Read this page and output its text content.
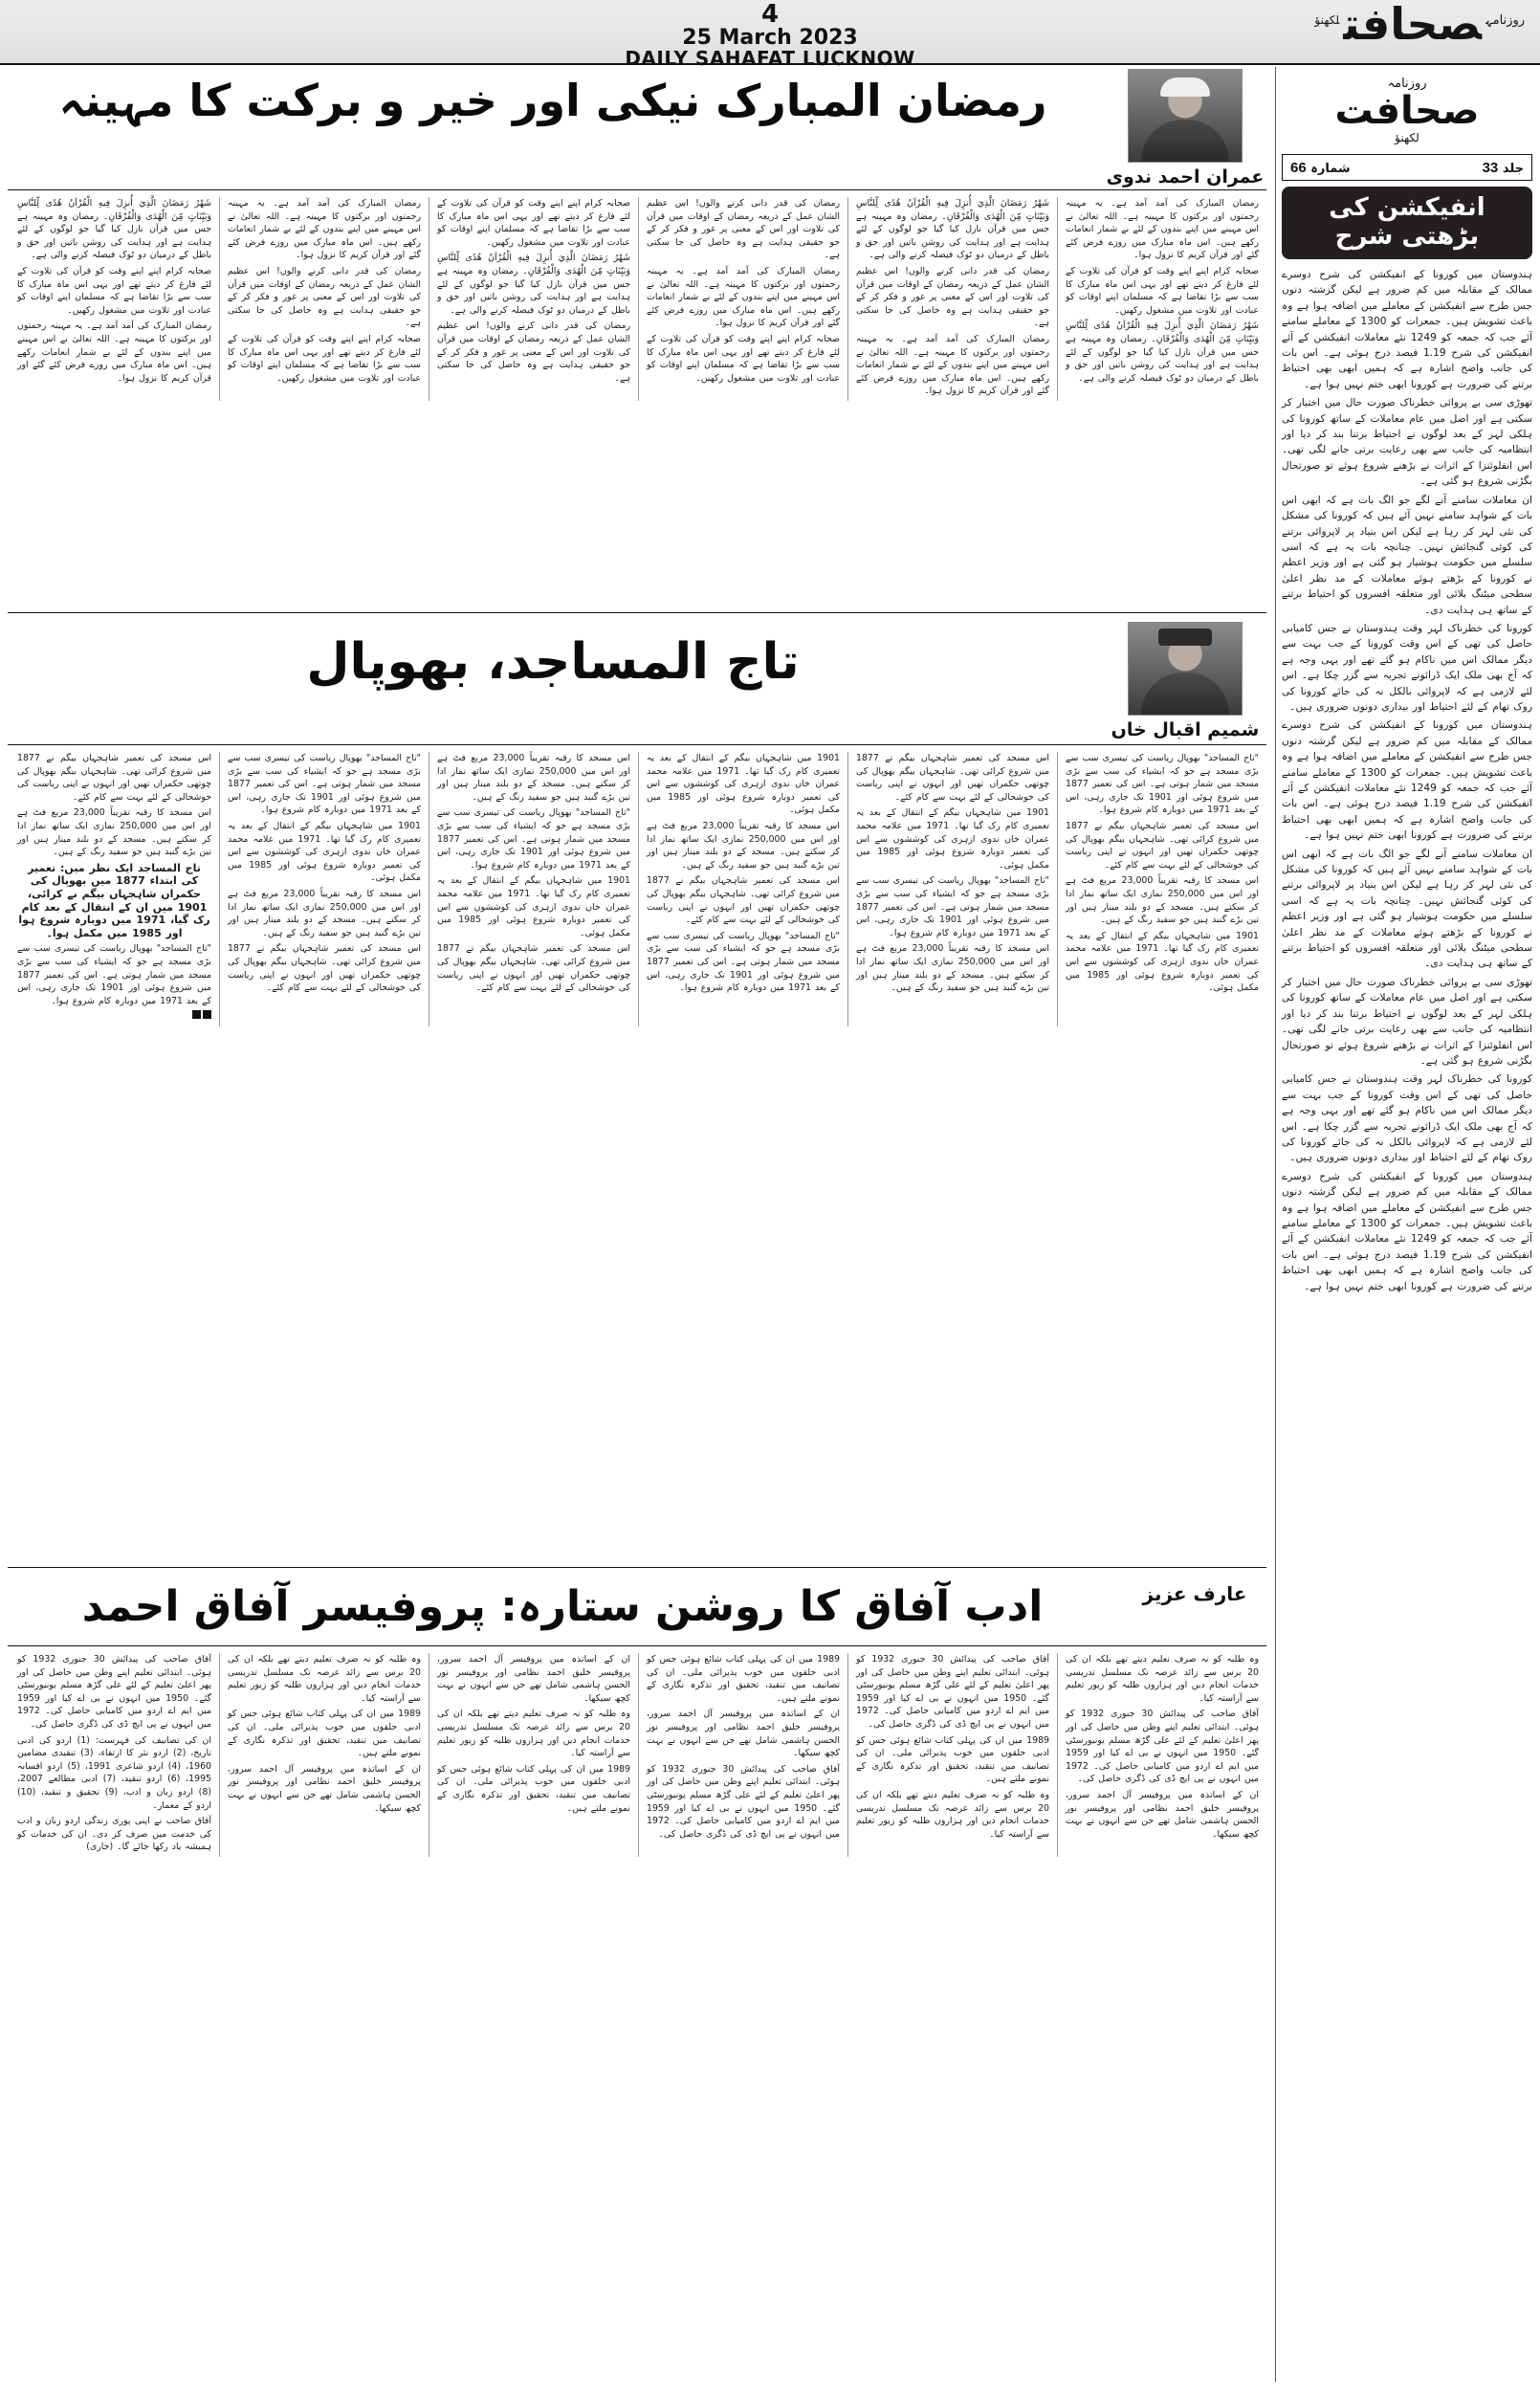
$^{روزنامہ}$صحافت$^{لکھنؤ}$
4
25 March 2023
DAILY SAHAFAT LUCKNOW
روزنامہ
صحافت
لکھنؤ
جلد 33
شمارہ 66
انفیکشن کی بڑھتی شرح

ہندوستان میں کورونا کے انفیکشن کی شرح دوسرے ممالک کے مقابلہ میں کم ضرور ہے لیکن گزشتہ دنوں جس طرح سے انفیکشن کے معاملے میں اضافہ ہوا ہے وہ باعث تشویش ہیں۔ جمعرات کو 1300 کے معاملے سامنے آئے جب کہ جمعہ کو 1249 نئے معاملات انفیکشن کے آئے انفیکشن کی شرح 1.19 فیصد درج ہوئی ہے۔ اس بات کی جانب واضح اشارہ ہے کہ ہمیں ابھی بھی احتیاط برتنے کی ضرورت ہے کورونا ابھی ختم نہیں ہوا ہے۔

تھوڑی سی بے پروائی خطرناک صورت حال میں اختیار کر سکتی ہے اور اصل میں عام معاملات کے ساتھ کورونا کی ہلکی لہر کے بعد لوگوں نے احتیاط برتنا بند کر دیا اور انتظامیہ کی جانب سے بھی رعایت برتی جانے لگی تھی۔ اس انفلوئنزا کے اثرات نے بڑھنے شروع ہوئے تو صورتحال بگڑنی شروع ہو گئی ہے۔

ان معاملات سامنے آنے لگے جو الگ بات ہے کہ ابھی اس بات کے شواہد سامنے نہیں آئے ہیں کہ کورونا کی مشکل کی نئی لہر کر رہا ہے لیکن اس بنیاد پر لاپروائی برتنے کی کوئی گنجائش نہیں۔ چنانچہ بات یہ ہے کہ اسی سلسلے میں حکومت ہوشیار ہو گئی ہے اور وزیر اعظم نے کورونا کے بڑھتے ہوئے معاملات کے مد نظر اعلیٰ سطحی میٹنگ بلائی اور متعلقہ افسروں کو احتیاط برتنے کے ساتھ ہی ہدایت دی۔

کورونا کی خطرناک لہر وقت ہندوستان نے جس کامیابی حاصل کی تھی کے اس وقت کورونا کے جب بہت سے دیگر ممالک اس میں ناکام ہو گئے تھے اور یہی وجہ ہے کہ آج بھی ملک ایک ڈرائونے تجربہ سے گزر چکا ہے۔ اس لئے لازمی ہے کہ لاپروائی بالکل نہ کی جائے کورونا کی روک تھام کے لئے احتیاط اور بیداری دونوں ضروری ہیں۔

ہندوستان میں کورونا کے انفیکشن کی شرح دوسرے ممالک کے مقابلہ میں کم ضرور ہے لیکن گزشتہ دنوں جس طرح سے انفیکشن کے معاملے میں اضافہ ہوا ہے وہ باعث تشویش ہیں۔ جمعرات کو 1300 کے معاملے سامنے آئے جب کہ جمعہ کو 1249 نئے معاملات انفیکشن کے آئے انفیکشن کی شرح 1.19 فیصد درج ہوئی ہے۔ اس بات کی جانب واضح اشارہ ہے کہ ہمیں ابھی بھی احتیاط برتنے کی ضرورت ہے کورونا ابھی ختم نہیں ہوا ہے۔

ان معاملات سامنے آنے لگے جو الگ بات ہے کہ ابھی اس بات کے شواہد سامنے نہیں آئے ہیں کہ کورونا کی مشکل کی نئی لہر کر رہا ہے لیکن اس بنیاد پر لاپروائی برتنے کی کوئی گنجائش نہیں۔ چنانچہ بات یہ ہے کہ اسی سلسلے میں حکومت ہوشیار ہو گئی ہے اور وزیر اعظم نے کورونا کے بڑھتے ہوئے معاملات کے مد نظر اعلیٰ سطحی میٹنگ بلائی اور متعلقہ افسروں کو احتیاط برتنے کے ساتھ ہی ہدایت دی۔

تھوڑی سی بے پروائی خطرناک صورت حال میں اختیار کر سکتی ہے اور اصل میں عام معاملات کے ساتھ کورونا کی ہلکی لہر کے بعد لوگوں نے احتیاط برتنا بند کر دیا اور انتظامیہ کی جانب سے بھی رعایت برتی جانے لگی تھی۔ اس انفلوئنزا کے اثرات نے بڑھنے شروع ہوئے تو صورتحال بگڑنی شروع ہو گئی ہے۔

کورونا کی خطرناک لہر وقت ہندوستان نے جس کامیابی حاصل کی تھی کے اس وقت کورونا کے جب بہت سے دیگر ممالک اس میں ناکام ہو گئے تھے اور یہی وجہ ہے کہ آج بھی ملک ایک ڈرائونے تجربہ سے گزر چکا ہے۔ اس لئے لازمی ہے کہ لاپروائی بالکل نہ کی جائے کورونا کی روک تھام کے لئے احتیاط اور بیداری دونوں ضروری ہیں۔

ہندوستان میں کورونا کے انفیکشن کی شرح دوسرے ممالک کے مقابلہ میں کم ضرور ہے لیکن گزشتہ دنوں جس طرح سے انفیکشن کے معاملے میں اضافہ ہوا ہے وہ باعث تشویش ہیں۔ جمعرات کو 1300 کے معاملے سامنے آئے جب کہ جمعہ کو 1249 نئے معاملات انفیکشن کے آئے انفیکشن کی شرح 1.19 فیصد درج ہوئی ہے۔ اس بات کی جانب واضح اشارہ ہے کہ ہمیں ابھی بھی احتیاط برتنے کی ضرورت ہے کورونا ابھی ختم نہیں ہوا ہے۔

عمران احمد ندوی
رمضان المبارک نیکی اور خیر و برکت کا مہینہ

رمضان المبارک کی آمد آمد ہے۔ یہ مہینہ رحمتوں اور برکتوں کا مہینہ ہے۔ اللہ تعالیٰ نے اس مہینے میں اپنے بندوں کے لئے بے شمار انعامات رکھے ہیں۔ اس ماہ مبارک میں روزے فرض کئے گئے اور قرآن کریم کا نزول ہوا۔

صحابہ کرام اپنے اپنے وقت کو قرآن کی تلاوت کے لئے فارغ کر دیتے تھے اور یہی اس ماہ مبارک کا سب سے بڑا تقاضا ہے کہ مسلمان اپنے اوقات کو عبادت اور تلاوت میں مشغول رکھیں۔

شَهْرُ رَمَضَانَ الَّذِيَ أُنزِلَ فِيهِ الْقُرْآنُ هُدًى لِّلنَّاسِ وَبَيِّنَاتٍ مِّنَ الْهُدَى وَالْفُرْقَانِ۔ رمضان وہ مہینہ ہے جس میں قرآن نازل کیا گیا جو لوگوں کے لئے ہدایت ہے اور ہدایت کی روشن باتیں اور حق و باطل کے درمیان دو ٹوک فیصلہ کرنے والی ہے۔

شَهْرُ رَمَضَانَ الَّذِيَ أُنزِلَ فِيهِ الْقُرْآنُ هُدًى لِّلنَّاسِ وَبَيِّنَاتٍ مِّنَ الْهُدَى وَالْفُرْقَانِ۔ رمضان وہ مہینہ ہے جس میں قرآن نازل کیا گیا جو لوگوں کے لئے ہدایت ہے اور ہدایت کی روشن باتیں اور حق و باطل کے درمیان دو ٹوک فیصلہ کرنے والی ہے۔

رمضان کی قدر دانی کرنے والوں! اس عظیم الشان عمل کے ذریعہ رمضان کے اوقات میں قرآن کی تلاوت اور اس کے معنی پر غور و فکر کر کے جو حقیقی ہدایت ہے وہ حاصل کی جا سکتی ہے۔

رمضان المبارک کی آمد آمد ہے۔ یہ مہینہ رحمتوں اور برکتوں کا مہینہ ہے۔ اللہ تعالیٰ نے اس مہینے میں اپنے بندوں کے لئے بے شمار انعامات رکھے ہیں۔ اس ماہ مبارک میں روزے فرض کئے گئے اور قرآن کریم کا نزول ہوا۔

رمضان کی قدر دانی کرنے والوں! اس عظیم الشان عمل کے ذریعہ رمضان کے اوقات میں قرآن کی تلاوت اور اس کے معنی پر غور و فکر کر کے جو حقیقی ہدایت ہے وہ حاصل کی جا سکتی ہے۔

رمضان المبارک کی آمد آمد ہے۔ یہ مہینہ رحمتوں اور برکتوں کا مہینہ ہے۔ اللہ تعالیٰ نے اس مہینے میں اپنے بندوں کے لئے بے شمار انعامات رکھے ہیں۔ اس ماہ مبارک میں روزے فرض کئے گئے اور قرآن کریم کا نزول ہوا۔

صحابہ کرام اپنے اپنے وقت کو قرآن کی تلاوت کے لئے فارغ کر دیتے تھے اور یہی اس ماہ مبارک کا سب سے بڑا تقاضا ہے کہ مسلمان اپنے اوقات کو عبادت اور تلاوت میں مشغول رکھیں۔

صحابہ کرام اپنے اپنے وقت کو قرآن کی تلاوت کے لئے فارغ کر دیتے تھے اور یہی اس ماہ مبارک کا سب سے بڑا تقاضا ہے کہ مسلمان اپنے اوقات کو عبادت اور تلاوت میں مشغول رکھیں۔

شَهْرُ رَمَضَانَ الَّذِيَ أُنزِلَ فِيهِ الْقُرْآنُ هُدًى لِّلنَّاسِ وَبَيِّنَاتٍ مِّنَ الْهُدَى وَالْفُرْقَانِ۔ رمضان وہ مہینہ ہے جس میں قرآن نازل کیا گیا جو لوگوں کے لئے ہدایت ہے اور ہدایت کی روشن باتیں اور حق و باطل کے درمیان دو ٹوک فیصلہ کرنے والی ہے۔

رمضان کی قدر دانی کرنے والوں! اس عظیم الشان عمل کے ذریعہ رمضان کے اوقات میں قرآن کی تلاوت اور اس کے معنی پر غور و فکر کر کے جو حقیقی ہدایت ہے وہ حاصل کی جا سکتی ہے۔

رمضان المبارک کی آمد آمد ہے۔ یہ مہینہ رحمتوں اور برکتوں کا مہینہ ہے۔ اللہ تعالیٰ نے اس مہینے میں اپنے بندوں کے لئے بے شمار انعامات رکھے ہیں۔ اس ماہ مبارک میں روزے فرض کئے گئے اور قرآن کریم کا نزول ہوا۔

رمضان کی قدر دانی کرنے والوں! اس عظیم الشان عمل کے ذریعہ رمضان کے اوقات میں قرآن کی تلاوت اور اس کے معنی پر غور و فکر کر کے جو حقیقی ہدایت ہے وہ حاصل کی جا سکتی ہے۔

صحابہ کرام اپنے اپنے وقت کو قرآن کی تلاوت کے لئے فارغ کر دیتے تھے اور یہی اس ماہ مبارک کا سب سے بڑا تقاضا ہے کہ مسلمان اپنے اوقات کو عبادت اور تلاوت میں مشغول رکھیں۔

شَهْرُ رَمَضَانَ الَّذِيَ أُنزِلَ فِيهِ الْقُرْآنُ هُدًى لِّلنَّاسِ وَبَيِّنَاتٍ مِّنَ الْهُدَى وَالْفُرْقَانِ۔ رمضان وہ مہینہ ہے جس میں قرآن نازل کیا گیا جو لوگوں کے لئے ہدایت ہے اور ہدایت کی روشن باتیں اور حق و باطل کے درمیان دو ٹوک فیصلہ کرنے والی ہے۔

صحابہ کرام اپنے اپنے وقت کو قرآن کی تلاوت کے لئے فارغ کر دیتے تھے اور یہی اس ماہ مبارک کا سب سے بڑا تقاضا ہے کہ مسلمان اپنے اوقات کو عبادت اور تلاوت میں مشغول رکھیں۔

رمضان المبارک کی آمد آمد ہے۔ یہ مہینہ رحمتوں اور برکتوں کا مہینہ ہے۔ اللہ تعالیٰ نے اس مہینے میں اپنے بندوں کے لئے بے شمار انعامات رکھے ہیں۔ اس ماہ مبارک میں روزے فرض کئے گئے اور قرآن کریم کا نزول ہوا۔

شمیم اقبال خاں
تاج المساجد، بھوپال

"تاج المساجد" بھوپال ریاست کی تیسری سب سے بڑی مسجد ہے جو کہ ایشیاء کی سب سے بڑی مسجد میں شمار ہوتی ہے۔ اس کی تعمیر 1877 میں شروع ہوئی اور 1901 تک جاری رہی، اس کے بعد 1971 میں دوبارہ کام شروع ہوا۔

اس مسجد کی تعمیر شاہجہاں بیگم نے 1877 میں شروع کرائی تھی۔ شاہجہاں بیگم بھوپال کی چوتھی حکمراں تھیں اور انہوں نے اپنی ریاست کی خوشحالی کے لئے بہت سے کام کئے۔

اس مسجد کا رقبہ تقریباً 23,000 مربع فٹ ہے اور اس میں 250,000 نمازی ایک ساتھ نماز ادا کر سکتے ہیں۔ مسجد کے دو بلند مینار ہیں اور تین بڑے گنبد ہیں جو سفید رنگ کے ہیں۔

1901 میں شاہجہاں بیگم کے انتقال کے بعد یہ تعمیری کام رک گیا تھا۔ 1971 میں علامہ محمد عمران خاں ندوی ازہری کی کوششوں سے اس کی تعمیر دوبارہ شروع ہوئی اور 1985 میں مکمل ہوئی۔

اس مسجد کی تعمیر شاہجہاں بیگم نے 1877 میں شروع کرائی تھی۔ شاہجہاں بیگم بھوپال کی چوتھی حکمراں تھیں اور انہوں نے اپنی ریاست کی خوشحالی کے لئے بہت سے کام کئے۔

1901 میں شاہجہاں بیگم کے انتقال کے بعد یہ تعمیری کام رک گیا تھا۔ 1971 میں علامہ محمد عمران خاں ندوی ازہری کی کوششوں سے اس کی تعمیر دوبارہ شروع ہوئی اور 1985 میں مکمل ہوئی۔

"تاج المساجد" بھوپال ریاست کی تیسری سب سے بڑی مسجد ہے جو کہ ایشیاء کی سب سے بڑی مسجد میں شمار ہوتی ہے۔ اس کی تعمیر 1877 میں شروع ہوئی اور 1901 تک جاری رہی، اس کے بعد 1971 میں دوبارہ کام شروع ہوا۔

اس مسجد کا رقبہ تقریباً 23,000 مربع فٹ ہے اور اس میں 250,000 نمازی ایک ساتھ نماز ادا کر سکتے ہیں۔ مسجد کے دو بلند مینار ہیں اور تین بڑے گنبد ہیں جو سفید رنگ کے ہیں۔

1901 میں شاہجہاں بیگم کے انتقال کے بعد یہ تعمیری کام رک گیا تھا۔ 1971 میں علامہ محمد عمران خاں ندوی ازہری کی کوششوں سے اس کی تعمیر دوبارہ شروع ہوئی اور 1985 میں مکمل ہوئی۔

اس مسجد کا رقبہ تقریباً 23,000 مربع فٹ ہے اور اس میں 250,000 نمازی ایک ساتھ نماز ادا کر سکتے ہیں۔ مسجد کے دو بلند مینار ہیں اور تین بڑے گنبد ہیں جو سفید رنگ کے ہیں۔

اس مسجد کی تعمیر شاہجہاں بیگم نے 1877 میں شروع کرائی تھی۔ شاہجہاں بیگم بھوپال کی چوتھی حکمراں تھیں اور انہوں نے اپنی ریاست کی خوشحالی کے لئے بہت سے کام کئے۔

"تاج المساجد" بھوپال ریاست کی تیسری سب سے بڑی مسجد ہے جو کہ ایشیاء کی سب سے بڑی مسجد میں شمار ہوتی ہے۔ اس کی تعمیر 1877 میں شروع ہوئی اور 1901 تک جاری رہی، اس کے بعد 1971 میں دوبارہ کام شروع ہوا۔

اس مسجد کا رقبہ تقریباً 23,000 مربع فٹ ہے اور اس میں 250,000 نمازی ایک ساتھ نماز ادا کر سکتے ہیں۔ مسجد کے دو بلند مینار ہیں اور تین بڑے گنبد ہیں جو سفید رنگ کے ہیں۔

"تاج المساجد" بھوپال ریاست کی تیسری سب سے بڑی مسجد ہے جو کہ ایشیاء کی سب سے بڑی مسجد میں شمار ہوتی ہے۔ اس کی تعمیر 1877 میں شروع ہوئی اور 1901 تک جاری رہی، اس کے بعد 1971 میں دوبارہ کام شروع ہوا۔

1901 میں شاہجہاں بیگم کے انتقال کے بعد یہ تعمیری کام رک گیا تھا۔ 1971 میں علامہ محمد عمران خاں ندوی ازہری کی کوششوں سے اس کی تعمیر دوبارہ شروع ہوئی اور 1985 میں مکمل ہوئی۔

اس مسجد کی تعمیر شاہجہاں بیگم نے 1877 میں شروع کرائی تھی۔ شاہجہاں بیگم بھوپال کی چوتھی حکمراں تھیں اور انہوں نے اپنی ریاست کی خوشحالی کے لئے بہت سے کام کئے۔

"تاج المساجد" بھوپال ریاست کی تیسری سب سے بڑی مسجد ہے جو کہ ایشیاء کی سب سے بڑی مسجد میں شمار ہوتی ہے۔ اس کی تعمیر 1877 میں شروع ہوئی اور 1901 تک جاری رہی، اس کے بعد 1971 میں دوبارہ کام شروع ہوا۔

1901 میں شاہجہاں بیگم کے انتقال کے بعد یہ تعمیری کام رک گیا تھا۔ 1971 میں علامہ محمد عمران خاں ندوی ازہری کی کوششوں سے اس کی تعمیر دوبارہ شروع ہوئی اور 1985 میں مکمل ہوئی۔

اس مسجد کا رقبہ تقریباً 23,000 مربع فٹ ہے اور اس میں 250,000 نمازی ایک ساتھ نماز ادا کر سکتے ہیں۔ مسجد کے دو بلند مینار ہیں اور تین بڑے گنبد ہیں جو سفید رنگ کے ہیں۔

اس مسجد کی تعمیر شاہجہاں بیگم نے 1877 میں شروع کرائی تھی۔ شاہجہاں بیگم بھوپال کی چوتھی حکمراں تھیں اور انہوں نے اپنی ریاست کی خوشحالی کے لئے بہت سے کام کئے۔

اس مسجد کی تعمیر شاہجہاں بیگم نے 1877 میں شروع کرائی تھی۔ شاہجہاں بیگم بھوپال کی چوتھی حکمراں تھیں اور انہوں نے اپنی ریاست کی خوشحالی کے لئے بہت سے کام کئے۔

اس مسجد کا رقبہ تقریباً 23,000 مربع فٹ ہے اور اس میں 250,000 نمازی ایک ساتھ نماز ادا کر سکتے ہیں۔ مسجد کے دو بلند مینار ہیں اور تین بڑے گنبد ہیں جو سفید رنگ کے ہیں۔

تاج المساجد ایک نظر میں: تعمیر کی ابتداء 1877 میں بھوپال کی حکمراں شاہجہاں بیگم نے کرائی، 1901 میں ان کے انتقال کے بعد کام رک گیا، 1971 میں دوبارہ شروع ہوا اور 1985 میں مکمل ہوا۔

"تاج المساجد" بھوپال ریاست کی تیسری سب سے بڑی مسجد ہے جو کہ ایشیاء کی سب سے بڑی مسجد میں شمار ہوتی ہے۔ اس کی تعمیر 1877 میں شروع ہوئی اور 1901 تک جاری رہی، اس کے بعد 1971 میں دوبارہ کام شروع ہوا۔

عارف عزیز
ادب آفاق کا روشن ستارہ: پروفیسر آفاق احمد

وہ طلبہ کو نہ صرف تعلیم دیتے تھے بلکہ ان کی 20 برس سے زائد عرصہ تک مسلسل تدریسی خدمات انجام دیں اور ہزاروں طلبہ کو زیور تعلیم سے آراستہ کیا۔

آفاق صاحب کی پیدائش 30 جنوری 1932 کو ہوئی۔ ابتدائی تعلیم اپنے وطن میں حاصل کی اور پھر اعلیٰ تعلیم کے لئے علی گڑھ مسلم یونیورسٹی گئے۔ 1950 میں انہوں نے بی اے کیا اور 1959 میں ایم اے اردو میں کامیابی حاصل کی۔ 1972 میں انہوں نے پی ایچ ڈی کی ڈگری حاصل کی۔

ان کے اساتذہ میں پروفیسر آل احمد سرور، پروفیسر خلیق احمد نظامی اور پروفیسر نور الحسن ہاشمی شامل تھے جن سے انہوں نے بہت کچھ سیکھا۔

آفاق صاحب کی پیدائش 30 جنوری 1932 کو ہوئی۔ ابتدائی تعلیم اپنے وطن میں حاصل کی اور پھر اعلیٰ تعلیم کے لئے علی گڑھ مسلم یونیورسٹی گئے۔ 1950 میں انہوں نے بی اے کیا اور 1959 میں ایم اے اردو میں کامیابی حاصل کی۔ 1972 میں انہوں نے پی ایچ ڈی کی ڈگری حاصل کی۔

1989 میں ان کی پہلی کتاب شائع ہوئی جس کو ادبی حلقوں میں خوب پذیرائی ملی۔ ان کی تصانیف میں تنقید، تحقیق اور تذکرہ نگاری کے نمونے ملتے ہیں۔

وہ طلبہ کو نہ صرف تعلیم دیتے تھے بلکہ ان کی 20 برس سے زائد عرصہ تک مسلسل تدریسی خدمات انجام دیں اور ہزاروں طلبہ کو زیور تعلیم سے آراستہ کیا۔

1989 میں ان کی پہلی کتاب شائع ہوئی جس کو ادبی حلقوں میں خوب پذیرائی ملی۔ ان کی تصانیف میں تنقید، تحقیق اور تذکرہ نگاری کے نمونے ملتے ہیں۔

ان کے اساتذہ میں پروفیسر آل احمد سرور، پروفیسر خلیق احمد نظامی اور پروفیسر نور الحسن ہاشمی شامل تھے جن سے انہوں نے بہت کچھ سیکھا۔

آفاق صاحب کی پیدائش 30 جنوری 1932 کو ہوئی۔ ابتدائی تعلیم اپنے وطن میں حاصل کی اور پھر اعلیٰ تعلیم کے لئے علی گڑھ مسلم یونیورسٹی گئے۔ 1950 میں انہوں نے بی اے کیا اور 1959 میں ایم اے اردو میں کامیابی حاصل کی۔ 1972 میں انہوں نے پی ایچ ڈی کی ڈگری حاصل کی۔

ان کے اساتذہ میں پروفیسر آل احمد سرور، پروفیسر خلیق احمد نظامی اور پروفیسر نور الحسن ہاشمی شامل تھے جن سے انہوں نے بہت کچھ سیکھا۔

وہ طلبہ کو نہ صرف تعلیم دیتے تھے بلکہ ان کی 20 برس سے زائد عرصہ تک مسلسل تدریسی خدمات انجام دیں اور ہزاروں طلبہ کو زیور تعلیم سے آراستہ کیا۔

1989 میں ان کی پہلی کتاب شائع ہوئی جس کو ادبی حلقوں میں خوب پذیرائی ملی۔ ان کی تصانیف میں تنقید، تحقیق اور تذکرہ نگاری کے نمونے ملتے ہیں۔

وہ طلبہ کو نہ صرف تعلیم دیتے تھے بلکہ ان کی 20 برس سے زائد عرصہ تک مسلسل تدریسی خدمات انجام دیں اور ہزاروں طلبہ کو زیور تعلیم سے آراستہ کیا۔

1989 میں ان کی پہلی کتاب شائع ہوئی جس کو ادبی حلقوں میں خوب پذیرائی ملی۔ ان کی تصانیف میں تنقید، تحقیق اور تذکرہ نگاری کے نمونے ملتے ہیں۔

ان کے اساتذہ میں پروفیسر آل احمد سرور، پروفیسر خلیق احمد نظامی اور پروفیسر نور الحسن ہاشمی شامل تھے جن سے انہوں نے بہت کچھ سیکھا۔

آفاق صاحب کی پیدائش 30 جنوری 1932 کو ہوئی۔ ابتدائی تعلیم اپنے وطن میں حاصل کی اور پھر اعلیٰ تعلیم کے لئے علی گڑھ مسلم یونیورسٹی گئے۔ 1950 میں انہوں نے بی اے کیا اور 1959 میں ایم اے اردو میں کامیابی حاصل کی۔ 1972 میں انہوں نے پی ایچ ڈی کی ڈگری حاصل کی۔

ان کی تصانیف کی فہرست: (1) اردو کی ادبی تاریخ، (2) اردو نثر کا ارتقاء، (3) تنقیدی مضامین 1960، (4) اردو شاعری 1991، (5) اردو افسانہ 1995، (6) اردو تنقید، (7) ادبی مطالعے 2007، (8) اردو زبان و ادب، (9) تحقیق و تنقید، (10) اردو کے معمار۔

آفاق صاحب نے اپنی پوری زندگی اردو زبان و ادب کی خدمت میں صرف کر دی۔ ان کی خدمات کو ہمیشہ یاد رکھا جائے گا۔ (جاری)
